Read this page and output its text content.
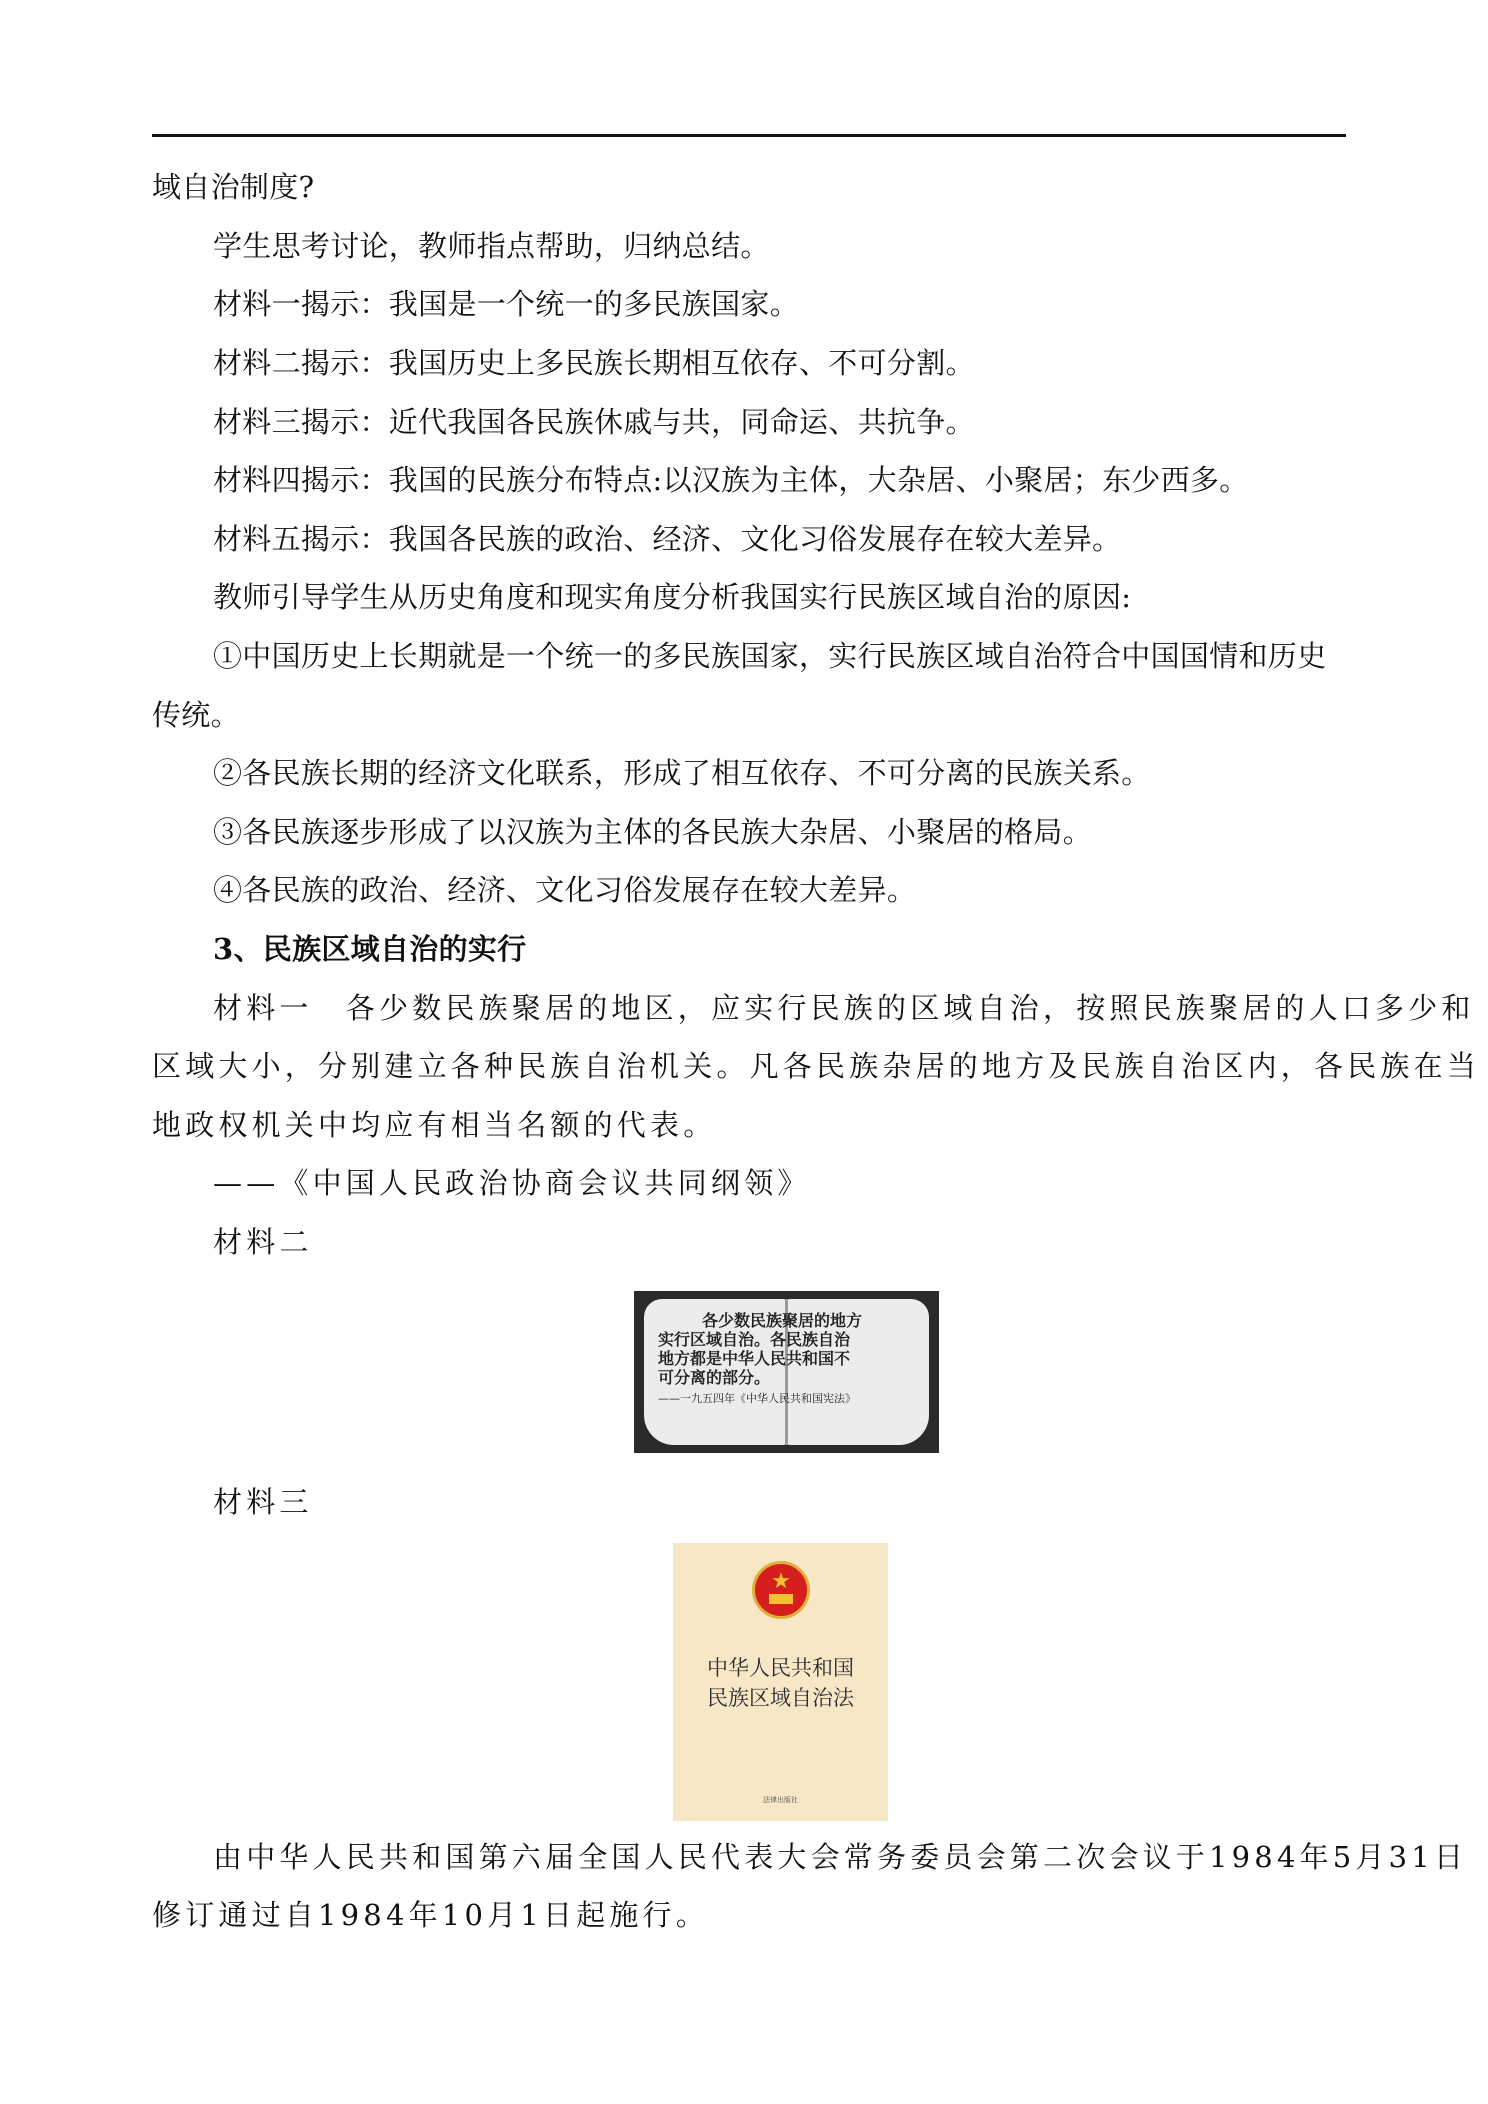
域自治制度?
学生思考讨论，教师指点帮助，归纳总结。
材料一揭示：我国是一个统一的多民族国家。
材料二揭示：我国历史上多民族长期相互依存、不可分割。
材料三揭示：近代我国各民族休戚与共，同命运、共抗争。
材料四揭示：我国的民族分布特点:以汉族为主体，大杂居、小聚居；东少西多。
材料五揭示：我国各民族的政治、经济、文化习俗发展存在较大差异。
教师引导学生从历史角度和现实角度分析我国实行民族区域自治的原因:
①中国历史上长期就是一个统一的多民族国家，实行民族区域自治符合中国国情和历史
传统。
②各民族长期的经济文化联系，形成了相互依存、不可分离的民族关系。
③各民族逐步形成了以汉族为主体的各民族大杂居、小聚居的格局。
④各民族的政治、经济、文化习俗发展存在较大差异。
3、民族区域自治的实行
材料一　各少数民族聚居的地区，应实行民族的区域自治，按照民族聚居的人口多少和
区域大小，分别建立各种民族自治机关。凡各民族杂居的地方及民族自治区内，各民族在当
地政权机关中均应有相当名额的代表。
——《中国人民政治协商会议共同纲领》
材料二
各少数民族聚居的地方
实行区域自治。各民族自治
地方都是中华人民共和国不
可分离的部分。
——一九五四年《中华人民共和国宪法》
材料三
★
中华人民共和国
民族区域自治法
法律出版社
由中华人民共和国第六届全国人民代表大会常务委员会第二次会议于1984年5月31日
修订通过自1984年10月1日起施行。
